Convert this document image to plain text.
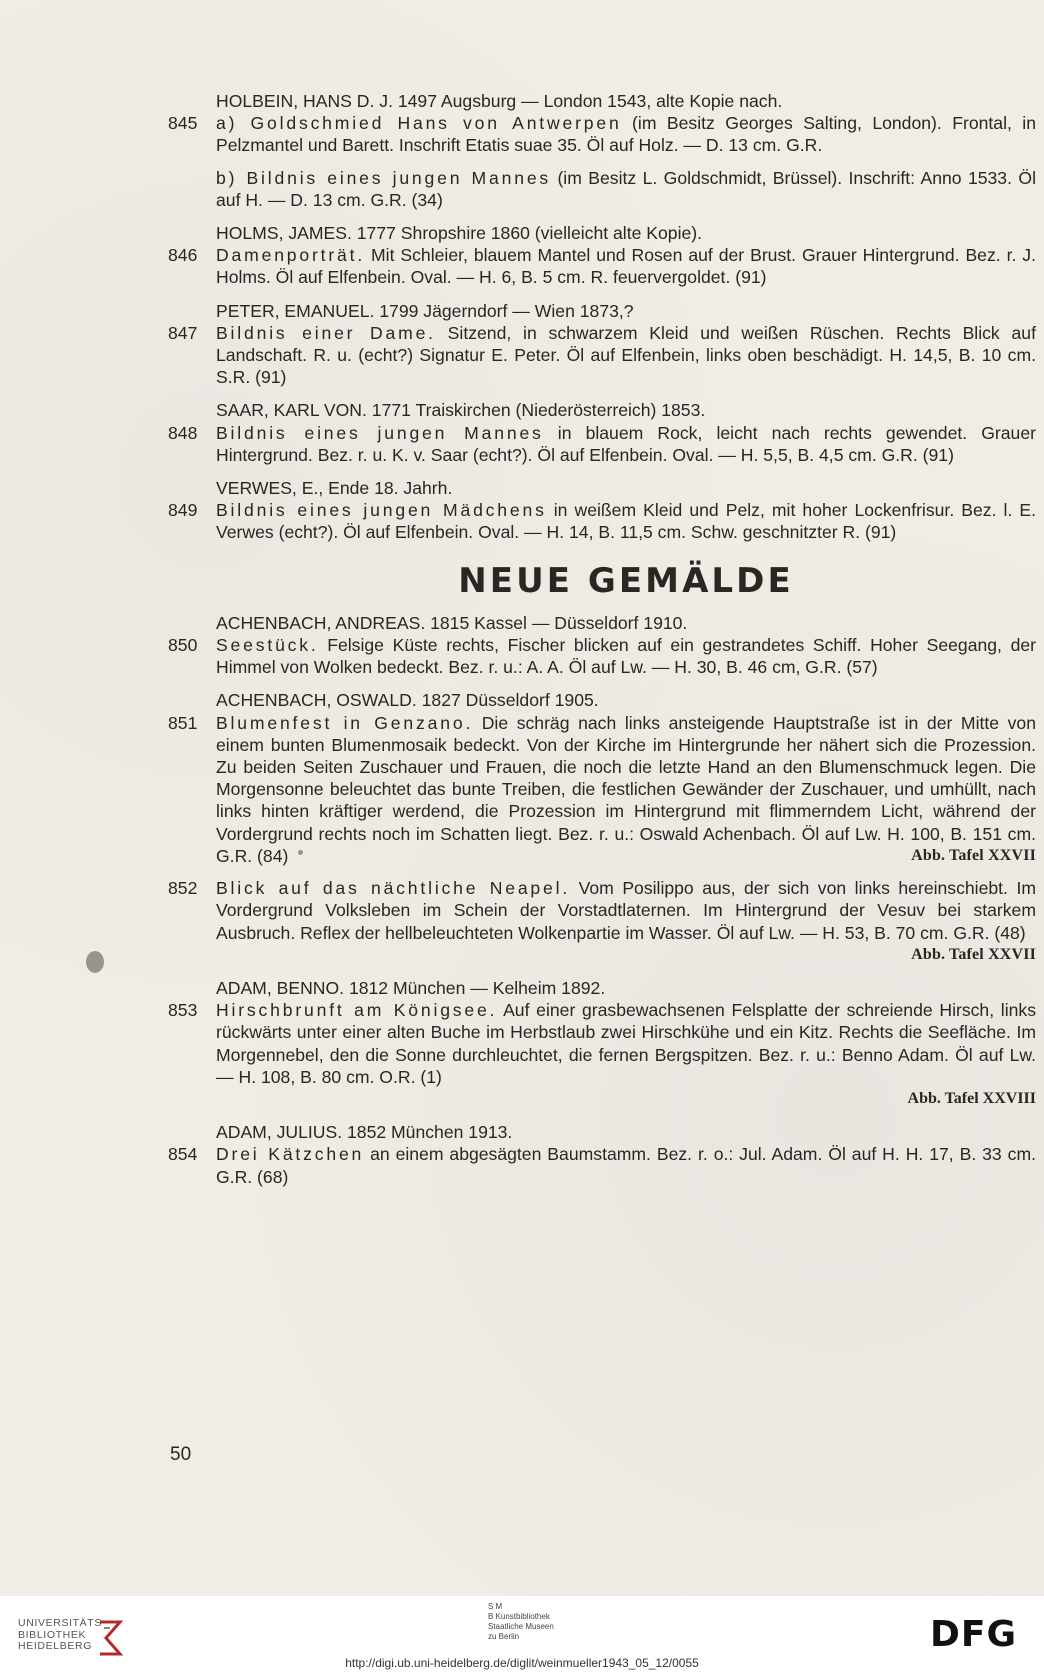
HOLBEIN, HANS D. J. 1497 Augsburg — London 1543, alte Kopie nach.
845	a) Goldschmied Hans von Antwerpen (im Besitz Georges Salting, London). Frontal, in Pelzmantel und Barett. Inschrift Etatis suae 35. Öl auf Holz. — D. 13 cm. G.R.
b) Bildnis eines jungen Mannes (im Besitz L. Goldschmidt, Brüssel). Inschrift: Anno 1533. Öl auf H. — D. 13 cm. G.R. (34)
HOLMS, JAMES. 1777 Shropshire 1860 (vielleicht alte Kopie).
846	Damenporträt. Mit Schleier, blauem Mantel und Rosen auf der Brust. Grauer Hintergrund. Bez. r. J. Holms. Öl auf Elfenbein. Oval. — H. 6, B. 5 cm. R. feuervergoldet. (91)
PETER, EMANUEL. 1799 Jägerndorf — Wien 1873,?
847	Bildnis einer Dame. Sitzend, in schwarzem Kleid und weißen Rüschen. Rechts Blick auf Landschaft. R. u. (echt?) Signatur E. Peter. Öl auf Elfenbein, links oben beschädigt. H. 14,5, B. 10 cm. S.R. (91)
SAAR, KARL VON. 1771 Traiskirchen (Niederösterreich) 1853.
848	Bildnis eines jungen Mannes in blauem Rock, leicht nach rechts gewendet. Grauer Hintergrund. Bez. r. u. K. v. Saar (echt?). Öl auf Elfenbein. Oval. — H. 5,5, B. 4,5 cm. G.R. (91)
VERWES, E., Ende 18. Jahrh.
849	Bildnis eines jungen Mädchens in weißem Kleid und Pelz, mit hoher Lockenfrisur. Bez. l. E. Verwes (echt?). Öl auf Elfenbein. Oval. — H. 14, B. 11,5 cm. Schw. geschnitzter R. (91)
NEUE GEMÄLDE
ACHENBACH, ANDREAS. 1815 Kassel — Düsseldorf 1910.
850	Seestück. Felsige Küste rechts, Fischer blicken auf ein gestrandetes Schiff. Hoher Seegang, der Himmel von Wolken bedeckt. Bez. r. u.: A. A. Öl auf Lw. — H. 30, B. 46 cm, G.R. (57)
ACHENBACH, OSWALD. 1827 Düsseldorf 1905.
851	Blumenfest in Genzano. Die schräg nach links ansteigende Hauptstraße ist in der Mitte von einem bunten Blumenmosaik bedeckt. Von der Kirche im Hintergrunde her nähert sich die Prozession. Zu beiden Seiten Zuschauer und Frauen, die noch die letzte Hand an den Blumenschmuck legen. Die Morgensonne beleuchtet das bunte Treiben, die festlichen Gewänder der Zuschauer, und umhüllt, nach links hinten kräftiger werdend, die Prozession im Hintergrund mit flimmerndem Licht, während der Vordergrund rechts noch im Schatten liegt. Bez. r. u.: Oswald Achenbach. Öl auf Lw. H. 100, B. 151 cm. G.R. (84)	Abb. Tafel XXVII
852	Blick auf das nächtliche Neapel. Vom Posilippo aus, der sich von links hereinschiebt. Im Vordergrund Volksleben im Schein der Vorstadtlaternen. Im Hintergrund der Vesuv bei starkem Ausbruch. Reflex der hellbeleuchteten Wolkenpartie im Wasser. Öl auf Lw. — H. 53, B. 70 cm. G.R. (48)
Abb. Tafel XXVII
ADAM, BENNO. 1812 München — Kelheim 1892.
853	Hirschbrunft am Königsee. Auf einer grasbewachsenen Felsplatte der schreiende Hirsch, links rückwärts unter einer alten Buche im Herbstlaub zwei Hirschkühe und ein Kitz. Rechts die Seefläche. Im Morgennebel, den die Sonne durchleuchtet, die fernen Bergspitzen. Bez. r. u.: Benno Adam. Öl auf Lw. — H. 108, B. 80 cm. O.R. (1)
Abb. Tafel XXVIII
ADAM, JULIUS. 1852 München 1913.
854	Drei Kätzchen an einem abgesägten Baumstamm. Bez. r. o.: Jul. Adam. Öl auf H. H. 17, B. 33 cm. G.R. (68)
50
UNIVERSITÄTS-
BIBLIOTHEK
HEIDELBERG
S M
B Kunstbibliothek
Staatliche Museen
zu Berlin	DFG
http://digi.ub.uni-heidelberg.de/diglit/weinmueller1943_05_12/0055
